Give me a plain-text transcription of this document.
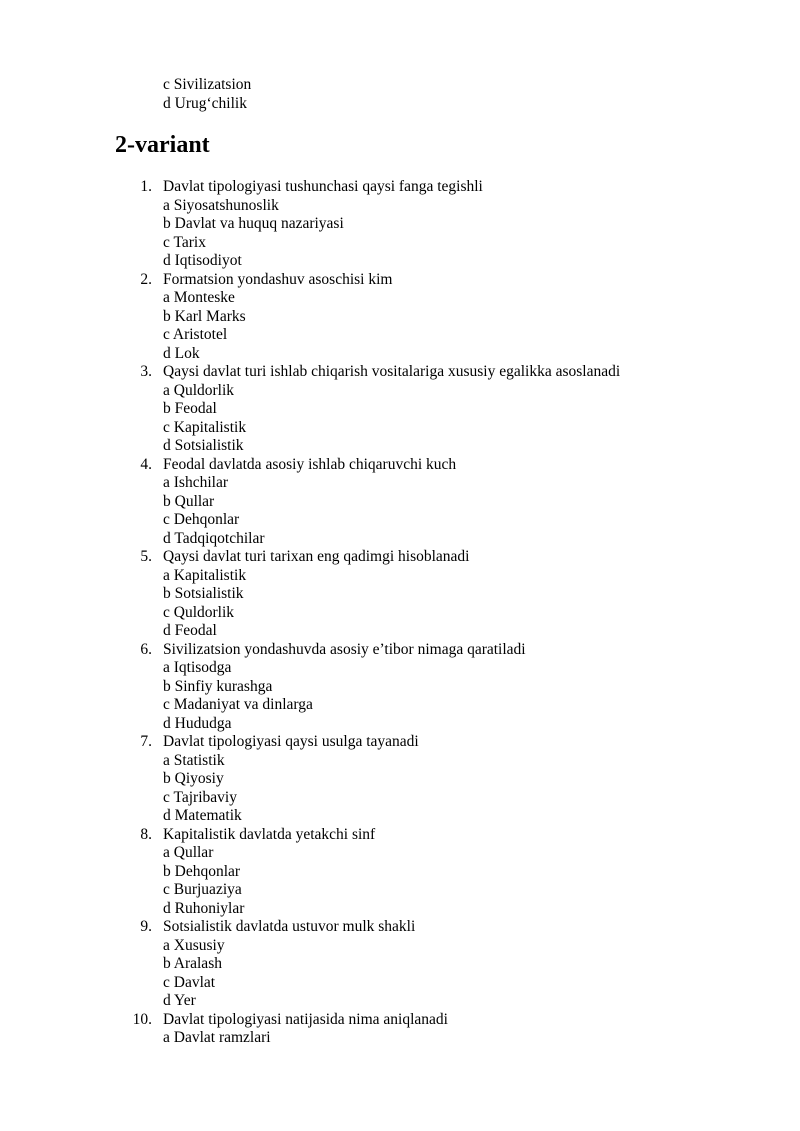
c Sivilizatsion
d Urug‘chilik
2-variant
1. Davlat tipologiyasi tushunchasi qaysi fanga tegishli
a Siyosatshunoslik
b Davlat va huquq nazariyasi
c Tarix
d Iqtisodiyot
2. Formatsion yondashuv asoschisi kim
a Monteske
b Karl Marks
c Aristotel
d Lok
3. Qaysi davlat turi ishlab chiqarish vositalariga xususiy egalikka asoslanadi
a Quldorlik
b Feodal
c Kapitalistik
d Sotsialistik
4. Feodal davlatda asosiy ishlab chiqaruvchi kuch
a Ishchilar
b Qullar
c Dehqonlar
d Tadqiqotchilar
5. Qaysi davlat turi tarixan eng qadimgi hisoblanadi
a Kapitalistik
b Sotsialistik
c Quldorlik
d Feodal
6. Sivilizatsion yondashuvda asosiy e’tibor nimaga qaratiladi
a Iqtisodga
b Sinfiy kurashga
c Madaniyat va dinlarga
d Hududga
7. Davlat tipologiyasi qaysi usulga tayanadi
a Statistik
b Qiyosiy
c Tajribaviy
d Matematik
8. Kapitalistik davlatda yetakchi sinf
a Qullar
b Dehqonlar
c Burjuaziya
d Ruhoniylar
9. Sotsialistik davlatda ustuvor mulk shakli
a Xususiy
b Aralash
c Davlat
d Yer
10. Davlat tipologiyasi natijasida nima aniqlanadi
a Davlat ramzlari
